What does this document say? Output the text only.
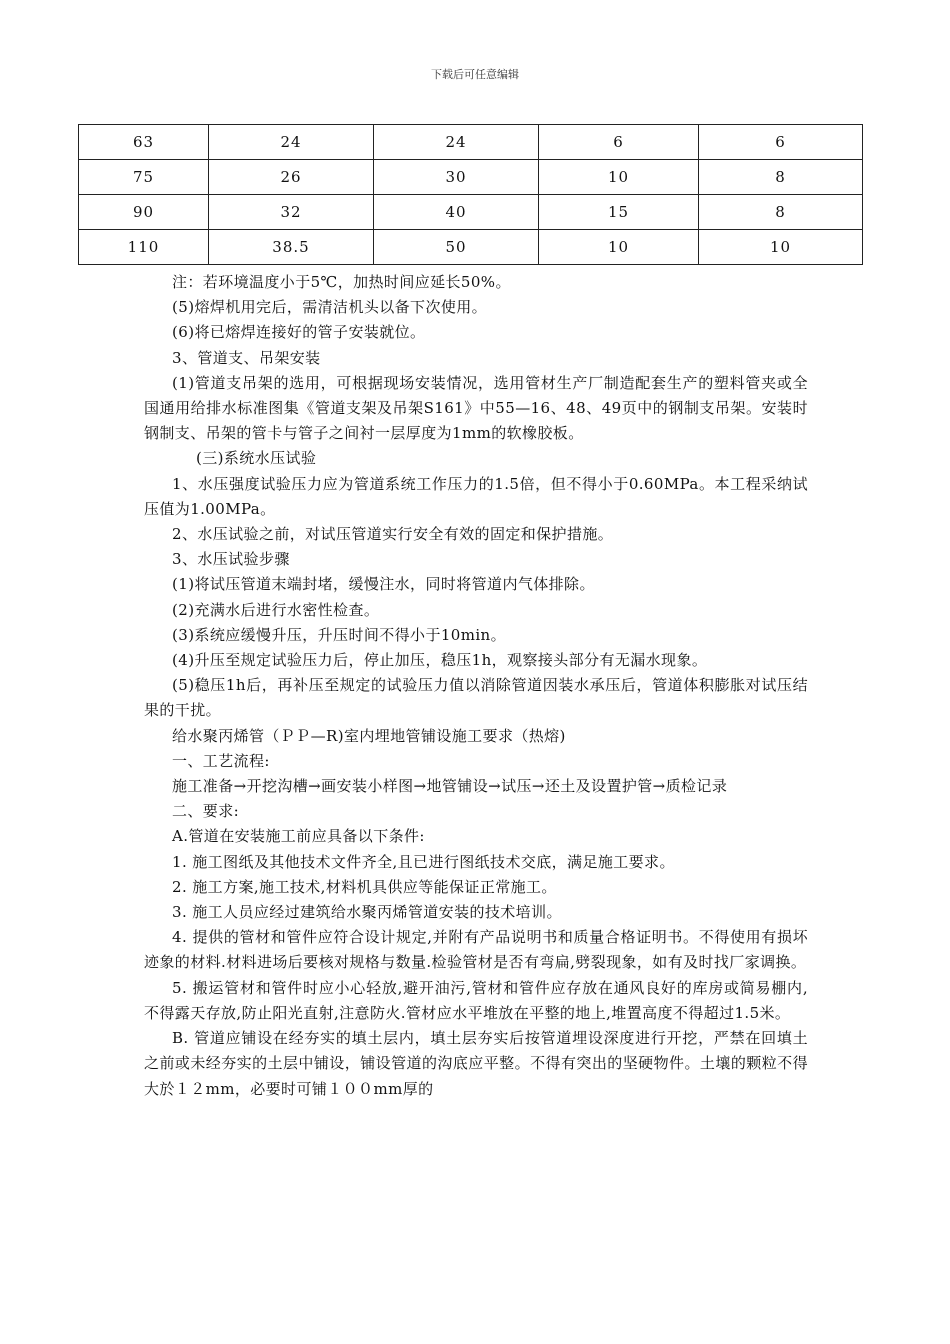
下载后可任意编辑
63	24	24	6	6
75	26	30	10	8
90	32	40	15	8
110	38.5	50	10	10

注：若环境温度小于5℃，加热时间应延长50%。

(5)熔焊机用完后，需清洁机头以备下次使用。

(6)将已熔焊连接好的管子安装就位。

3、管道支、吊架安装

(1)管道支吊架的选用，可根据现场安装情况，选用管材生产厂制造配套生产的塑料管夹或全国通用给排水标准图集《管道支架及吊架S161》中55—16、48、49页中的钢制支吊架。安装时钢制支、吊架的管卡与管子之间衬一层厚度为1mm的软橡胶板。

(三)系统水压试验

1、水压强度试验压力应为管道系统工作压力的1.5倍，但不得小于0.60MPa。本工程采纳试压值为1.00MPa。

2、水压试验之前，对试压管道实行安全有效的固定和保护措施。

3、水压试验步骤

(1)将试压管道末端封堵，缓慢注水，同时将管道内气体排除。

(2)充满水后进行水密性检查。

(3)系统应缓慢升压，升压时间不得小于10min。

(4)升压至规定试验压力后，停止加压，稳压1h，观察接头部分有无漏水现象。

(5)稳压1h后，再补压至规定的试验压力值以消除管道因装水承压后，管道体积膨胀对试压结果的干扰。

给水聚丙烯管（ＰＰ—R)室内埋地管铺设施工要求（热熔)

一、工艺流程:

施工准备→开挖沟槽→画安装小样图→地管铺设→试压→还土及设置护管→质检记录

二、要求:

A.管道在安装施工前应具备以下条件:

1. 施工图纸及其他技术文件齐全,且已进行图纸技术交底，满足施工要求。

2. 施工方案,施工技术,材料机具供应等能保证正常施工。

3. 施工人员应经过建筑给水聚丙烯管道安装的技术培训。

4. 提供的管材和管件应符合设计规定,并附有产品说明书和质量合格证明书。不得使用有损坏迹象的材料.材料进场后要核对规格与数量.检验管材是否有弯扁,劈裂现象，如有及时找厂家调换。

5. 搬运管材和管件时应小心轻放,避开油污,管材和管件应存放在通风良好的库房或简易棚内,不得露天存放,防止阳光直射,注意防火.管材应水平堆放在平整的地上,堆置高度不得超过1.5米。

B. 管道应铺设在经夯实的填土层内，填土层夯实后按管道埋设深度进行开挖，严禁在回填土之前或未经夯实的土层中铺设，铺设管道的沟底应平整。不得有突出的坚硬物件。土壤的颗粒不得大於１２mm，必要时可铺１００mm厚的
